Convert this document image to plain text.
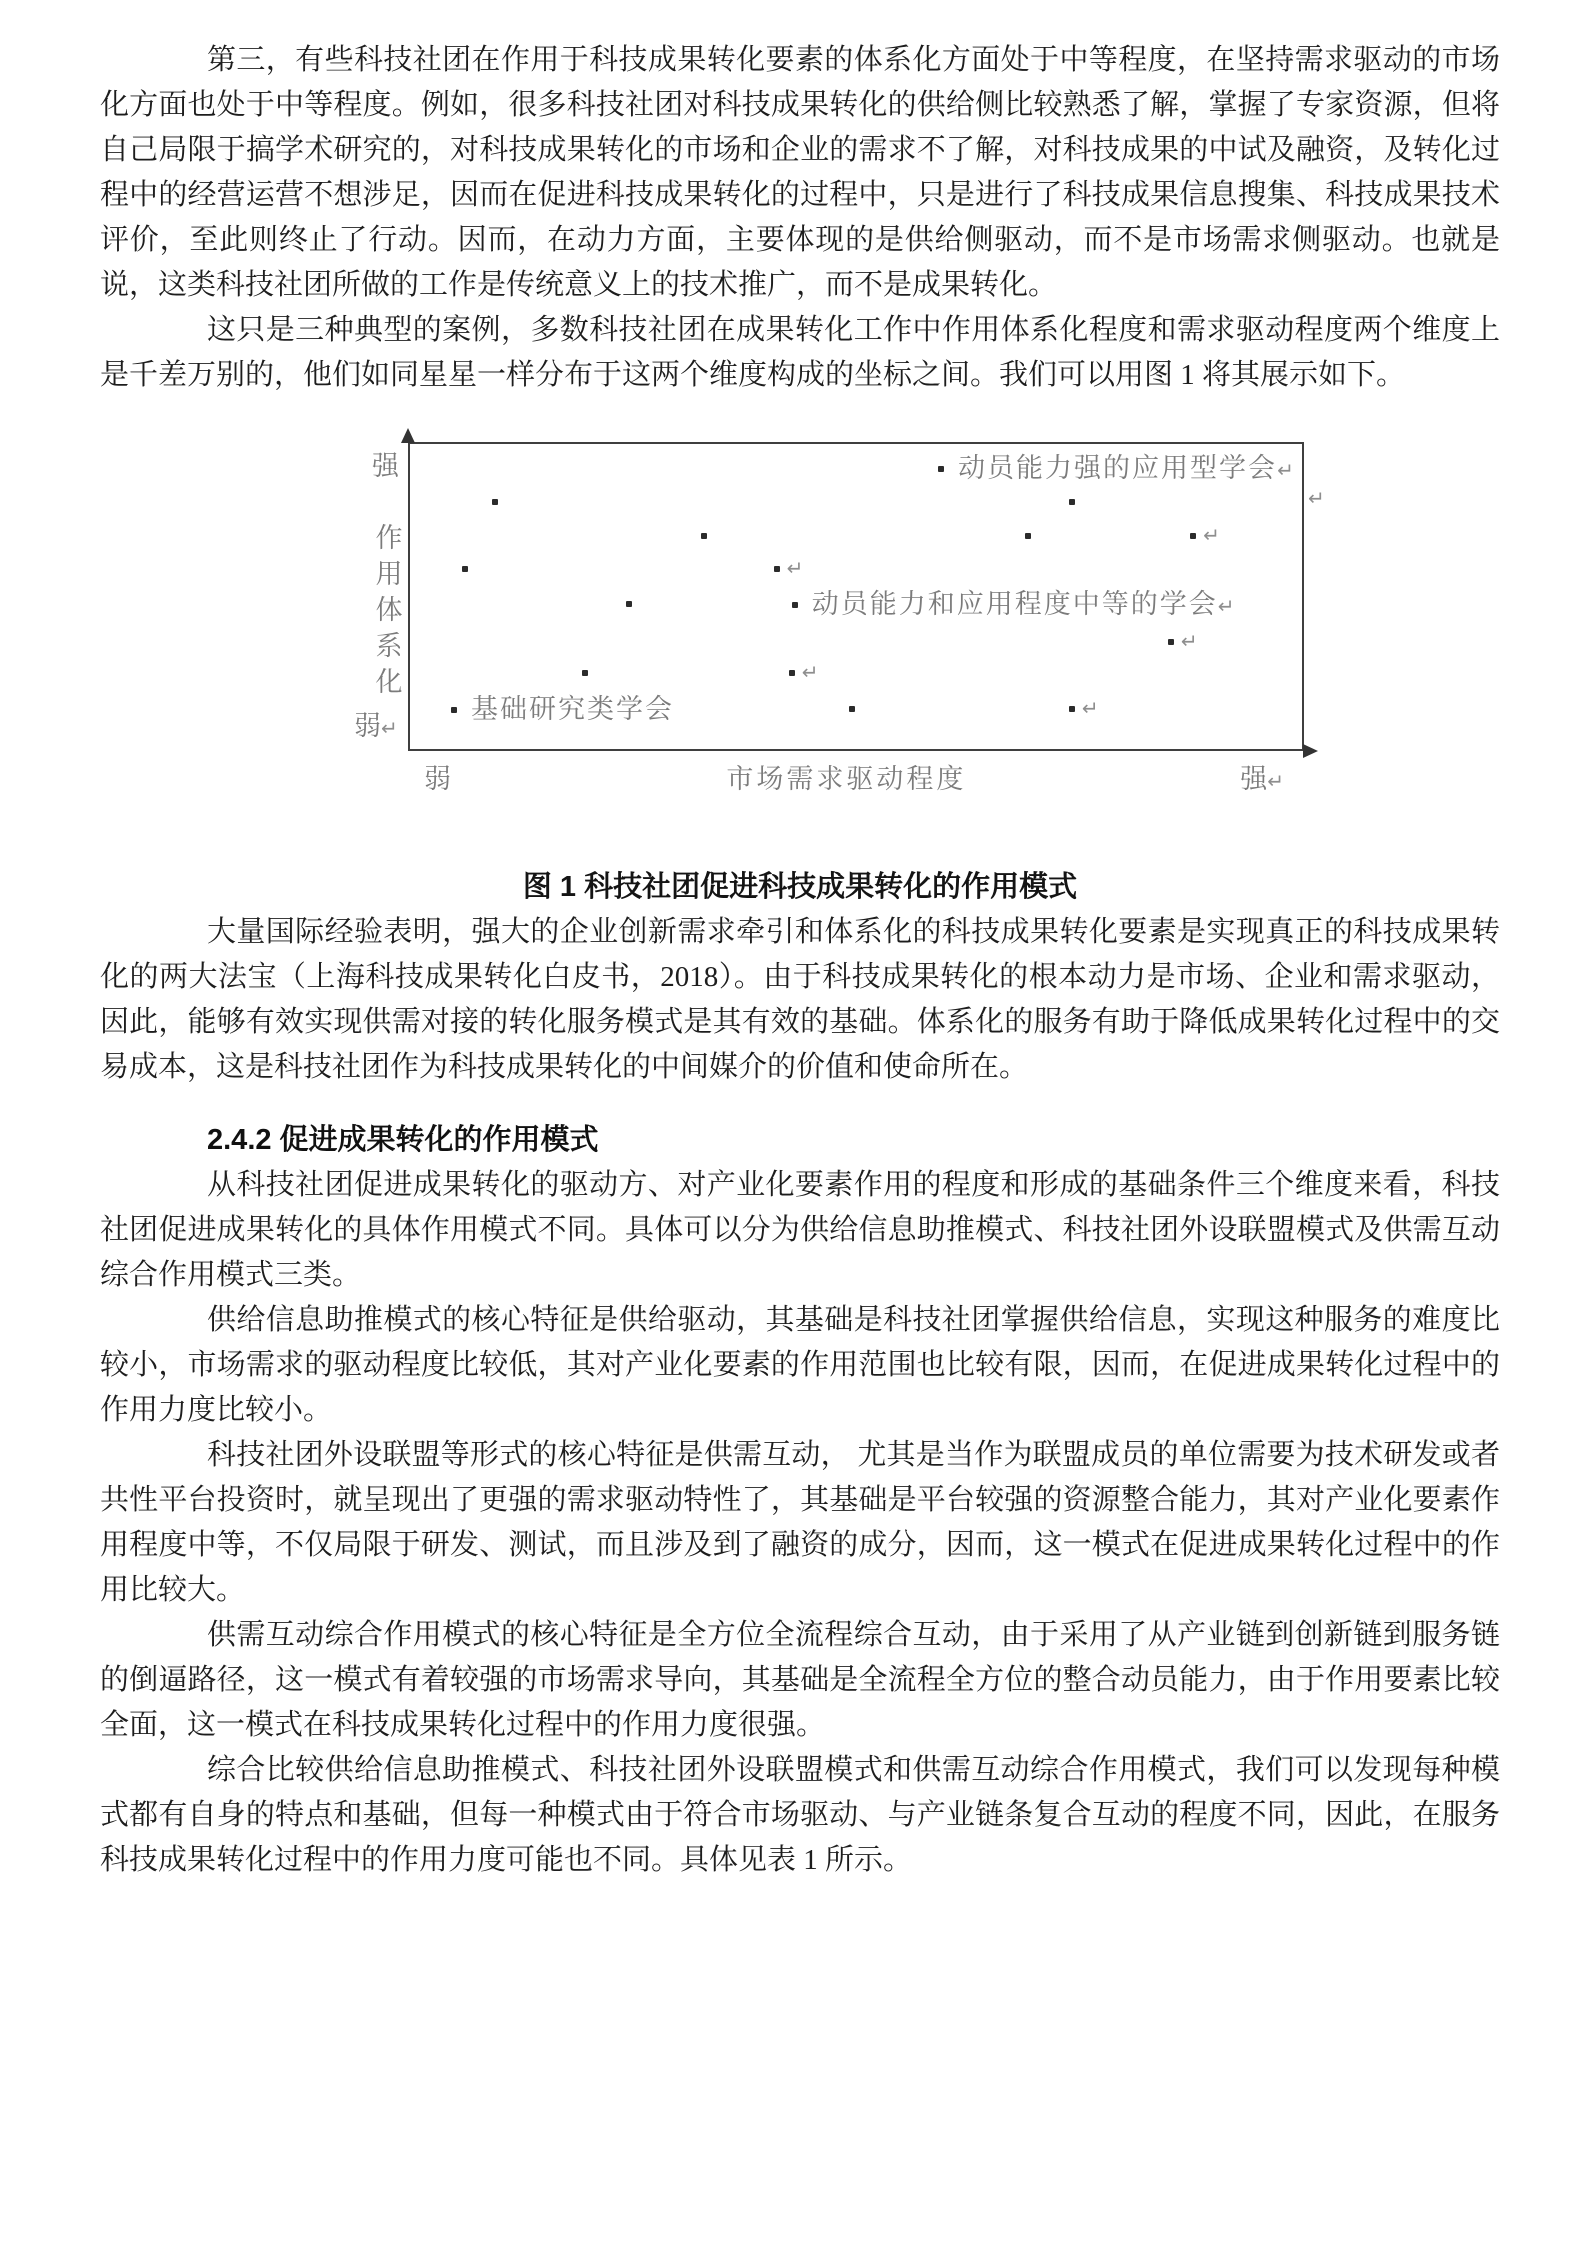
第三，有些科技社团在作用于科技成果转化要素的体系化方面处于中等程度，在坚持需求驱动的市场化方面也处于中等程度。例如，很多科技社团对科技成果转化的供给侧比较熟悉了解，掌握了专家资源，但将自己局限于搞学术研究的，对科技成果转化的市场和企业的需求不了解，对科技成果的中试及融资，及转化过程中的经营运营不想涉足，因而在促进科技成果转化的过程中，只是进行了科技成果信息搜集、科技成果技术评价，至此则终止了行动。因而，在动力方面，主要体现的是供给侧驱动，而不是市场需求侧驱动。也就是说，这类科技社团所做的工作是传统意义上的技术推广，而不是成果转化。

这只是三种典型的案例，多数科技社团在成果转化工作中作用体系化程度和需求驱动程度两个维度上是千差万别的，他们如同星星一样分布于这两个维度构成的坐标之间。我们可以用图 1 将其展示如下。

强
作
用
体
系
化
弱↵
↵
弱	市场需求驱动程度	强↵
↵
↵
↵
↵
↵
动员能力强的应用型学会↵
动员能力和应用程度中等的学会↵
基础研究类学会
图 1 科技社团促进科技成果转化的作用模式

大量国际经验表明，强大的企业创新需求牵引和体系化的科技成果转化要素是实现真正的科技成果转化的两大法宝（上海科技成果转化白皮书，2018）。由于科技成果转化的根本动力是市场、企业和需求驱动，因此，能够有效实现供需对接的转化服务模式是其有效的基础。体系化的服务有助于降低成果转化过程中的交易成本，这是科技社团作为科技成果转化的中间媒介的价值和使命所在。

2.4.2 促进成果转化的作用模式

从科技社团促进成果转化的驱动方、对产业化要素作用的程度和形成的基础条件三个维度来看，科技社团促进成果转化的具体作用模式不同。具体可以分为供给信息助推模式、科技社团外设联盟模式及供需互动综合作用模式三类。

供给信息助推模式的核心特征是供给驱动，其基础是科技社团掌握供给信息，实现这种服务的难度比较小，市场需求的驱动程度比较低，其对产业化要素的作用范围也比较有限，因而，在促进成果转化过程中的作用力度比较小。

科技社团外设联盟等形式的核心特征是供需互动， 尤其是当作为联盟成员的单位需要为技术研发或者共性平台投资时，就呈现出了更强的需求驱动特性了，其基础是平台较强的资源整合能力，其对产业化要素作用程度中等，不仅局限于研发、测试，而且涉及到了融资的成分，因而，这一模式在促进成果转化过程中的作用比较大。

供需互动综合作用模式的核心特征是全方位全流程综合互动，由于采用了从产业链到创新链到服务链的倒逼路径，这一模式有着较强的市场需求导向，其基础是全流程全方位的整合动员能力，由于作用要素比较全面，这一模式在科技成果转化过程中的作用力度很强。

综合比较供给信息助推模式、科技社团外设联盟模式和供需互动综合作用模式，我们可以发现每种模式都有自身的特点和基础，但每一种模式由于符合市场驱动、与产业链条复合互动的程度不同，因此，在服务科技成果转化过程中的作用力度可能也不同。具体见表 1 所示。
